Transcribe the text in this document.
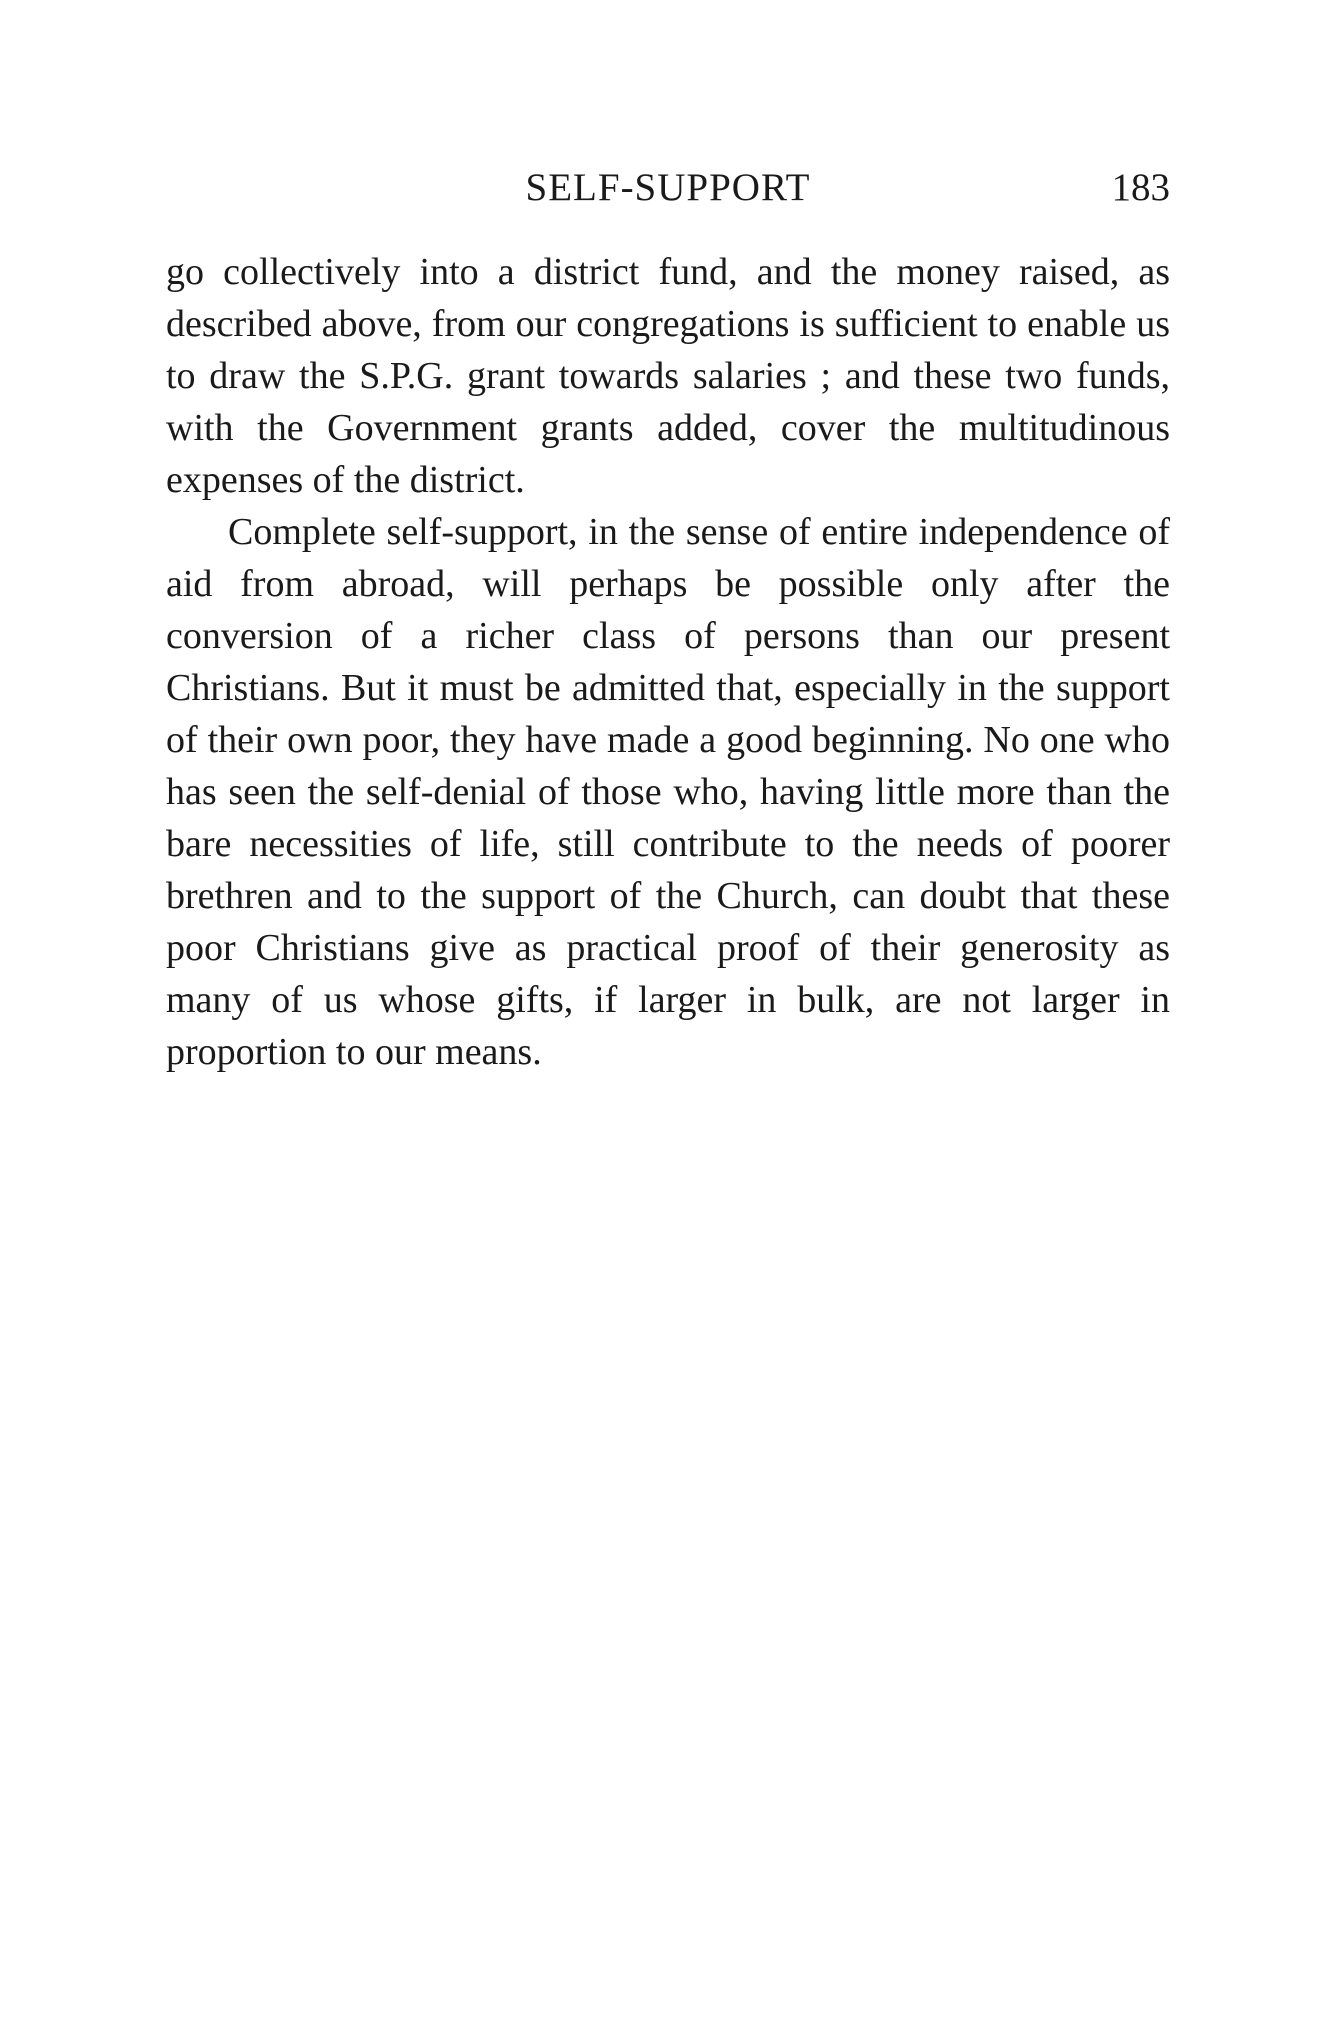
SELF-SUPPORT	183

go collectively into a district fund, and the money raised, as described above, from our congregations is sufficient to enable us to draw the S.P.G. grant towards salaries ; and these two funds, with the Government grants added, cover the multitudinous expenses of the district.

Complete self-support, in the sense of entire independence of aid from abroad, will perhaps be possible only after the conversion of a richer class of persons than our present Christians. But it must be admitted that, especially in the support of their own poor, they have made a good beginning. No one who has seen the self-denial of those who, having little more than the bare necessities of life, still contribute to the needs of poorer brethren and to the support of the Church, can doubt that these poor Christians give as practical proof of their generosity as many of us whose gifts, if larger in bulk, are not larger in proportion to our means.
